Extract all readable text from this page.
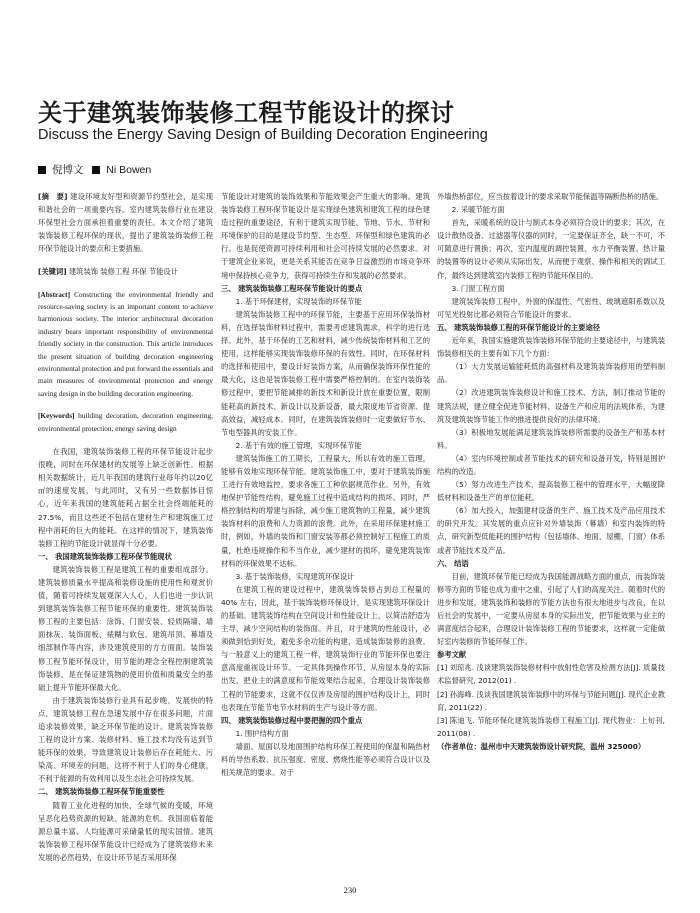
关于建筑装饰装修工程节能设计的探讨
Discuss the Energy Saving Design of Building Decoration Engineering
倪博文 Ni Bowen

[摘　要] 建设环境友好型和资源节约型社会，是实现和谐社会的一项重要内容。室内建筑装修行业在建设环保型社会方面承担着重要的责任。本文介绍了建筑装饰装修工程环保的现状，提出了建筑装饰装修工程环保节能设计的要点和主要措施。

[关键词] 建筑装饰 装修工程 环保 节能设计

[Abstract] Constructing the environmental friendly and resource-saving society is an important content to achieve harmonious society. The interior architectural decoration industry bears important responsibility of environmental friendly society in the construction. This article introduces the present situation of building decoration engineering environmental protection and put forward the essentials and main measures of environmental protection and energy saving design in the building decoration engineering.

[Keywords] building decoration, decoration engineering, environmental protection, energy saving design

在我国，建筑装饰装修工程的环保节能设计起步很晚，同时在环保建材的发展等上缺乏创新性。根据相关数据统计，近几年我国的建筑行业每年约以20亿㎡的速度发展，与此同时，又有另一些数据体目惊心，近年来我国的建筑能耗占据全社会终端能耗的 27.5%，而且这些还不包括在建材生产和建筑施工过程中消耗的巨大的能耗。在这样的情况下，建筑装饰装修工程的节能设计就显得十分必要。

一、 我国建筑装饰装修工程环保节能现状

建筑装饰装修工程是建筑工程的重要组成部分。建筑装修质量水平提高和装修设施的使用性和观赏价值，随着可持续发展观深入人心，人们也进一步认识到建筑装饰装修工程节能环保的重要性。建筑装饰装修工程的主要包括：涂饰、门窗安装、轻质隔墙、墙面抹灰、装饰面板、裱糊与软包、建筑吊顶、幕墙及细部制作等内容，涉及建筑使用的方方面面。装饰装修工程节能环保设计，用节能的理念全程控制建筑装饰装修，是在保证建筑物的使用价值和质量安全的基础上提升节能环保最大化。

由于建筑装饰装修行业具有起步晚、发展快的特点，建筑装修工程在急速发展中存在很多问题，片面追求装修效果，缺乏环保节能的设计。建筑装饰装修工程的设计方案、装修材料、施工技术均没有达到节能环保的效果，导致建筑设计装修后存在耗能大、污染高、环境差的问题，这将不利于人们的身心健康，不利于能源的有效利用以及生态社会可持续发展。

二、 建筑装饰装修工程环保节能重要性

随着工业化进程的加快，全球气候的变暖，环境呈恶化趋势资源的短缺、能源的危机。我国面临着能源总量丰富、人均能源可采储量低的现实国情。建筑装饰装修工程环保节能设计已经成为了建筑装修未来发展的必然趋势，在设计环节是否采用环保

节能设计对建筑的装饰效果和节能效果会产生重大的影响。建筑装饰装修工程环保节能设计是实现绿色建筑和建筑工程的绿色建造过程的重要途径，有利于建筑实现节能、节地、节水、节材和环境保护的目的是建设节约型、生态型、环保型和绿色建筑的必行。也是促使资源可持续利用和社会可持续发展的必然要求。对于建筑企业来说，更是关系其能否在竞争日益激烈的市场竞争环境中保持核心竞争力，获得可持续生存和发展的必然要求。

三、 建筑装饰装修工程环保节能设计的要点

1. 基于环保建材，实现装饰的环保节能

建筑装饰装修工程中的环保节能，主要基于应用环保装饰材料，在选择装饰材料过程中，需要考虑建筑需求，科学的进行选择。此外，基于环保的工艺和材料，减少传统装饰材料和工艺的使用，这样能够实现装饰装修环保的有效性。同时，在环保材料的选择和使用中，要设计好装饰方案，从而确保装饰环保性能的最大化，这也是装饰装修工程中需要严格控制的。在室内装饰装修过程中，要把节能减排的新技术和新设计放在重要位置，限制能耗高的新技术、新设计以及新设备，最大限度地节省资源、提高效益，减轻成本。同时，在建筑装饰装修时一定要做好节水、节电型器具的安装工作。

2. 基于有效的施工管理，实现环保节能

建筑装饰施工的工期长，工程量大，所以有效的施工管理，能够有效地实现环保节能。建筑装饰施工中，要对于建筑装饰施工进行有效地监控，要求各施工工种依据规范作业。另外，有效地保护节能性结构，避免施工过程中造成结构的损坏。同时，严格控制结构的增建与拆除，减少施工建筑物的工程量，减少建筑装饰材料的浪费和人力资源的浪费。此外，在采用环保建材施工时，例如，外墙的装饰和门窗安装等都必须控制好工程施工的质量，杜绝违规操作和不当作业，减少建材的损坏，避免建筑装饰材料的环保效果不达标。

3. 基于装饰装修，实现建筑环保设计

在建筑工程的建设过程中，建筑装饰装修占到总工程量的 40% 左右，因此，基于装饰装修环保设计，是实现建筑环保设计的基础。建筑装饰结构在空间设计和性能设计上，以简洁舒适为主导，减少空间结构的装饰面。并且，对于建筑的性能设计，必须做到恰到好处，避免多余功能的构建，造成装饰装修的浪费。与一般意义上的建筑工程一样，建筑装饰行业的节能环保也要注意高度重视设计环节。一定具体到操作环节，从房屋本身的实际出发，把业主的满意度和节能效果结合起来，合理设计装饰装修工程的节能要求，这就不仅仅涉及房屋的围护结构设计上，同时也表现在节能节电节水材料的生产与设计等方面。

四、 建筑装饰装修过程中要把握的四个重点

1. 围护结构方面

墙面、屋面以及地面围护结构环保工程使用的保温和隔热材料的导热系数、抗压强度、密度、燃烧性能等必须符合设计以及相关规范的要求。对于

外墙热桥部位，应当按着设计的要求采取节能保温等隔断热桥的措施。

2. 采暖节能方面

首先，采暖系统的设计与制式本身必须符合设计的要求；其次，在设计散热设备、过滤器等仪器的同时，一定要保证齐全，缺一不可，不可随意进行置换；再次，室内温度的调控装置、水力平衡装置、热计量的装置等的设计必须从实际出发，从而便于观察、操作和相关的调试工作，最终达到建筑室内装修工程的节能环保目的。

3. 门窗工程方面

建筑装饰装修工程中，外窗的保温性、气密性、玻璃遮阳系数以及可见光投射比都必须符合节能设计的要求。

五、 建筑装饰装修工程的环保节能设计的主要途径

近年来，我国实施建筑装饰装修环保节能的主要途径中，与建筑装饰装修相关的主要有如下几个方面：

（1）大力发展运输能耗低的高强材料及建筑装饰装修用的塑料制品。

（2）改进建筑装饰装修设计和施工技术、方法，制订推动节能的建筑法规，建立健全促进节能材料、设备生产和应用的法规体系，为建筑及建筑装饰节能工作的推进提供良好的法律环境。

（3）积极地发展能满足建筑装饰装修所需要的设备生产和基本材料。

（4）室内环境控制或者节能技术的研究和设备开发，特别是围护结构的改造。

（5）努力改进生产技术，提高装修工程中的管理水平，大幅度降低材料和设备生产的单位能耗。

（6）加大投入，加强建材设备的生产、施工技术及产品应用技术的研究开发。其发展的重点应针对外墙装饰（幕墙）和室内装饰的特点，研究新型低能耗的围护结构（包括墙体、地面、屋棚、门窗）体系或者节能技术及产品。

六、 结语

目前，建筑环保节能已经成为我国能源战略方面的重点，而装饰装修等方面的节能也成为重中之重，引起了人们的高度关注。随着时代的进步和发展，建筑装饰和装修的节能方法也有很大地进步与改良，在以后社会的发展中，一定要从房屋本身的实际出发，把节能效果与业主的满意度结合起来，合理设计装饰装修工程的节能要求，这样就一定能做好室内装修的节能环保工作。

参考文献

[1] 刘琼兆. 浅谈建筑装饰装修材料中放射性危害及检测方法[J]. 质量技术监督研究, 2012(01) .

[2] 孙海峰. 浅谈我国建筑装饰装修中的环保与节能问题[J]. 现代企业教育, 2011(22) .

[3] 陈迪飞. 节能环保化建筑装饰装修工程施工[J]. 现代物业：上旬刊, 2011(08) .

（作者单位：温州市中天建筑装饰设计研究院，温州 325000）

230
